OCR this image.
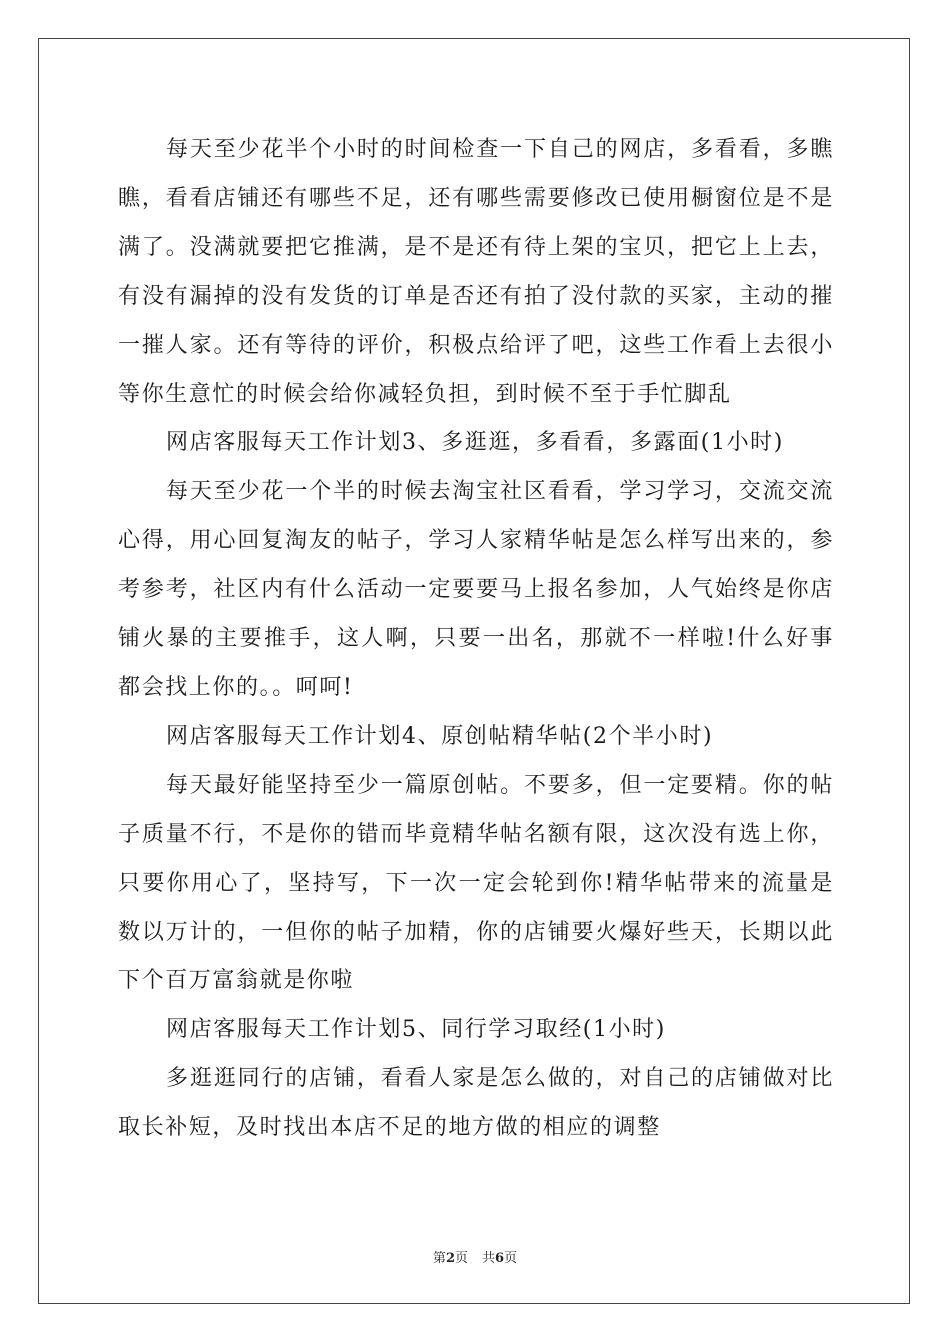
每天至少花半个小时的时间检查一下自己的网店，多看看，多瞧瞧，看看店铺还有哪些不足，还有哪些需要修改已使用橱窗位是不是满了。没满就要把它推满，是不是还有待上架的宝贝，把它上上去，有没有漏掉的没有发货的订单是否还有拍了没付款的买家，主动的摧一摧人家。还有等待的评价，积极点给评了吧，这些工作看上去很小等你生意忙的时候会给你减轻负担，到时候不至于手忙脚乱

网店客服每天工作计划3、多逛逛，多看看，多露面(1小时)

每天至少花一个半的时候去淘宝社区看看，学习学习，交流交流心得，用心回复淘友的帖子，学习人家精华帖是怎么样写出来的，参考参考，社区内有什么活动一定要要马上报名参加，人气始终是你店铺火暴的主要推手，这人啊，只要一出名，那就不一样啦!什么好事都会找上你的。。呵呵!

网店客服每天工作计划4、原创帖精华帖(2个半小时)

每天最好能坚持至少一篇原创帖。不要多，但一定要精。你的帖子质量不行，不是你的错而毕竟精华帖名额有限，这次没有选上你，只要你用心了，坚持写，下一次一定会轮到你!精华帖带来的流量是数以万计的，一但你的帖子加精，你的店铺要火爆好些天，长期以此下个百万富翁就是你啦

网店客服每天工作计划5、同行学习取经(1小时)

多逛逛同行的店铺，看看人家是怎么做的，对自己的店铺做对比取长补短，及时找出本店不足的地方做的相应的调整

第2页 共6页
